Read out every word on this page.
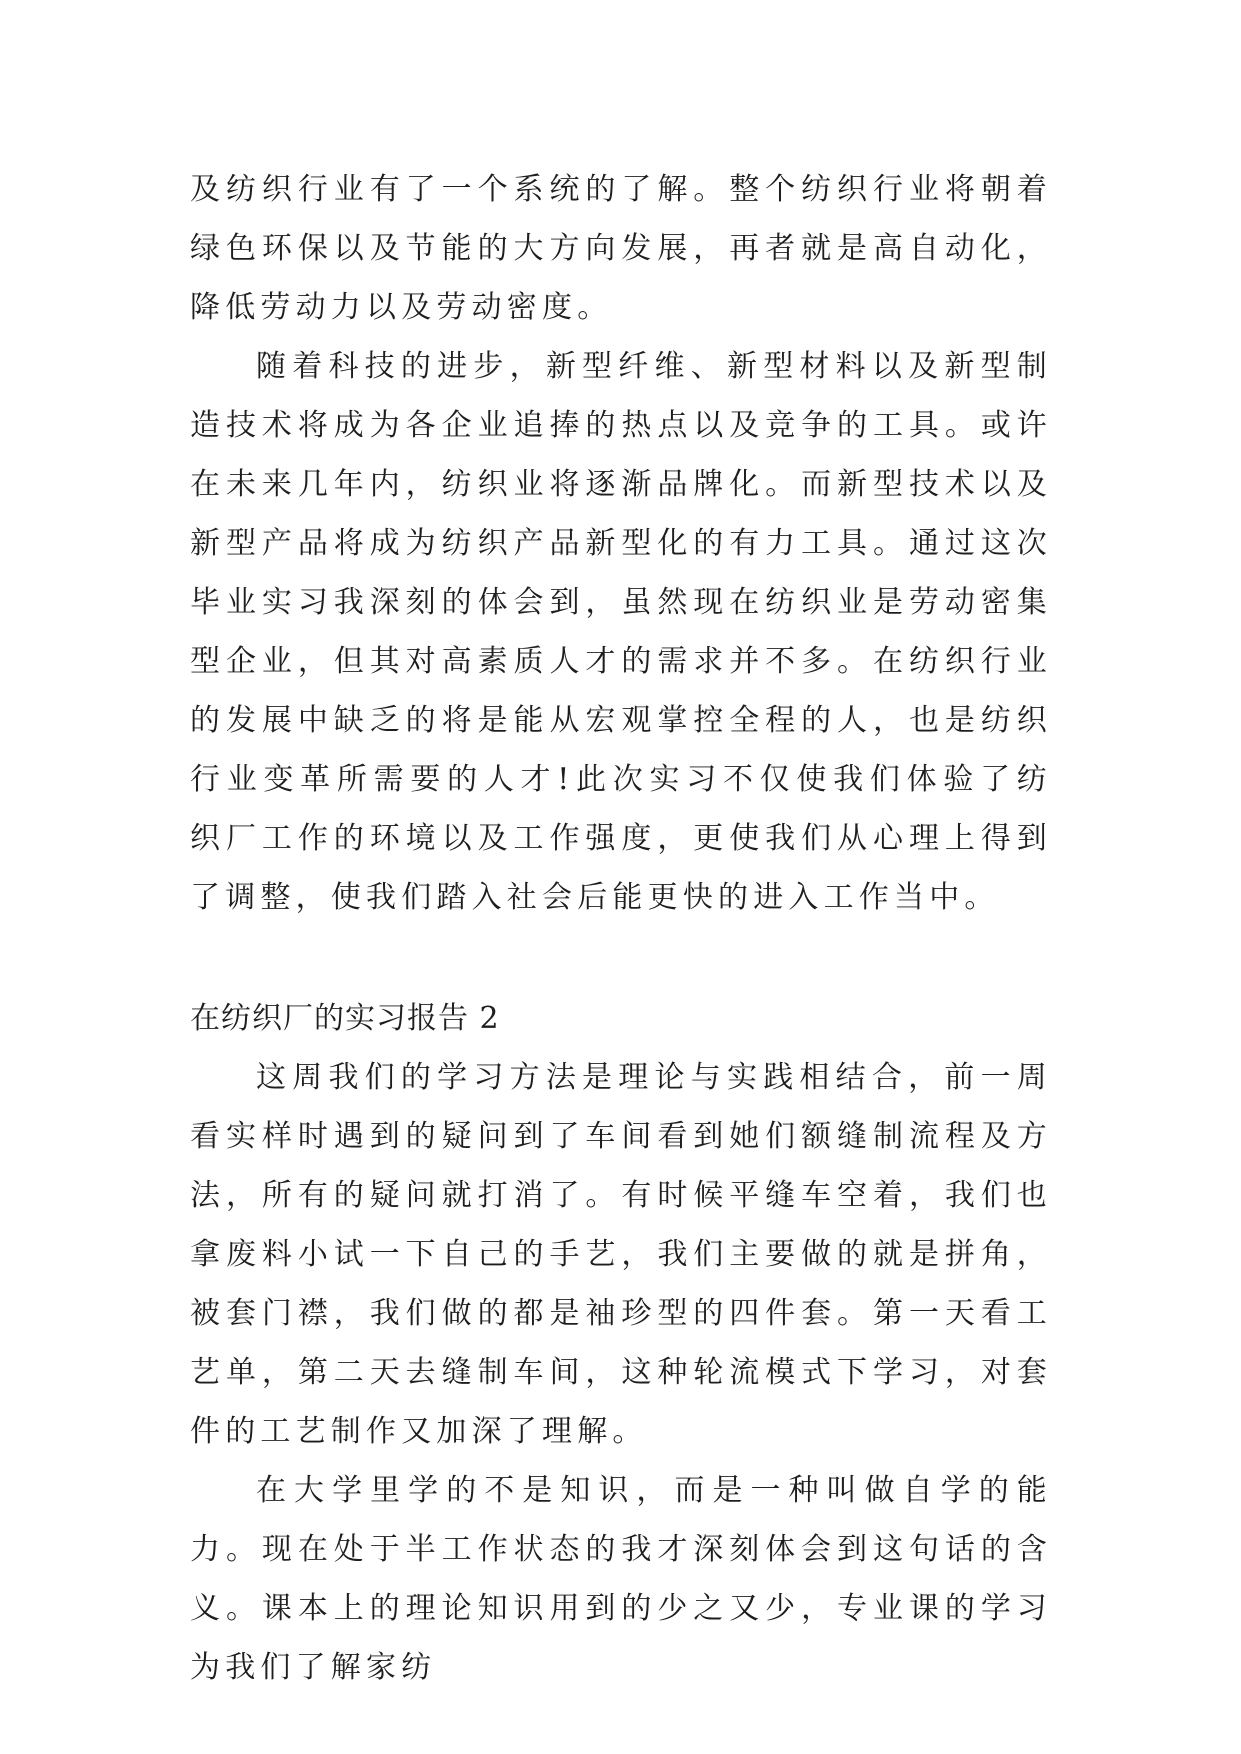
及纺织行业有了一个系统的了解。整个纺织行业将朝着绿色环保以及节能的大方向发展，再者就是高自动化，降低劳动力以及劳动密度。

随着科技的进步，新型纤维、新型材料以及新型制造技术将成为各企业追捧的热点以及竞争的工具。或许在未来几年内，纺织业将逐渐品牌化。而新型技术以及新型产品将成为纺织产品新型化的有力工具。通过这次毕业实习我深刻的体会到，虽然现在纺织业是劳动密集型企业，但其对高素质人才的需求并不多。在纺织行业的发展中缺乏的将是能从宏观掌控全程的人，也是纺织行业变革所需要的人才!此次实习不仅使我们体验了纺织厂工作的环境以及工作强度，更使我们从心理上得到了调整，使我们踏入社会后能更快的进入工作当中。

在纺织厂的实习报告 2

这周我们的学习方法是理论与实践相结合，前一周看实样时遇到的疑问到了车间看到她们额缝制流程及方法，所有的疑问就打消了。有时候平缝车空着，我们也拿废料小试一下自己的手艺，我们主要做的就是拼角，被套门襟，我们做的都是袖珍型的四件套。第一天看工艺单，第二天去缝制车间，这种轮流模式下学习，对套件的工艺制作又加深了理解。

在大学里学的不是知识，而是一种叫做自学的能力。现在处于半工作状态的我才深刻体会到这句话的含义。课本上的理论知识用到的少之又少，专业课的学习为我们了解家纺
